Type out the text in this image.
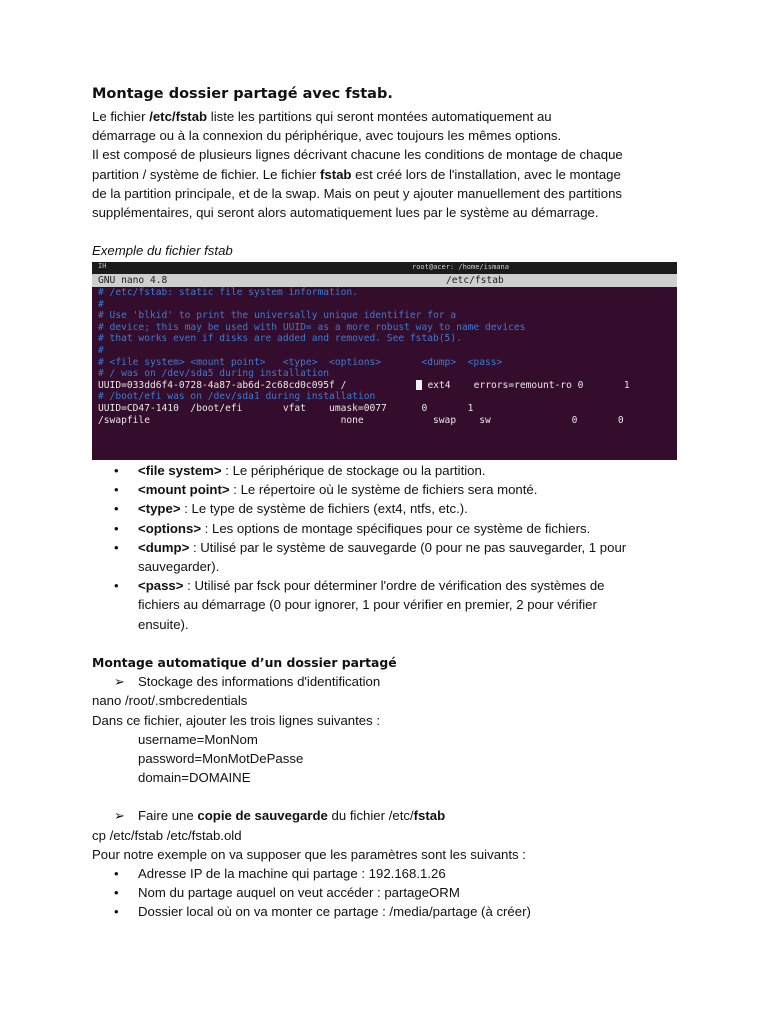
Montage dossier partagé avec fstab.
Le fichier /etc/fstab liste les partitions qui seront montées automatiquement au
démarrage ou à la connexion du périphérique, avec toujours les mêmes options.
Il est composé de plusieurs lignes décrivant chacune les conditions de montage de chaque
partition / système de fichier. Le fichier fstab est créé lors de l'installation, avec le montage
de la partition principale, et de la swap. Mais on peut y ajouter manuellement des partitions
supplémentaires, qui seront alors automatiquement lues par le système au démarrage.
Exemple du fichier fstab
IH	root@acer: /home/ismana
GNU nano 4.8	/etc/fstab
# /etc/fstab: static file system information.
#
# Use 'blkid' to print the universally unique identifier for a
# device; this may be used with UUID= as a more robust way to name devices
# that works even if disks are added and removed. See fstab(5).
#
# <file system> <mount point>   <type>  <options>       <dump>  <pass>
# / was on /dev/sda5 during installation
UUID=033dd6f4-0728-4a87-ab6d-2c68cd0c095f /	ext4    errors=remount-ro 0       1
# /boot/efi was on /dev/sda1 during installation
UUID=CD47-1410  /boot/efi       vfat    umask=0077      0       1
/swapfile                                 none            swap    sw              0       0
• <file system> : Le périphérique de stockage ou la partition.
• <mount point> : Le répertoire où le système de fichiers sera monté.
• <type> : Le type de système de fichiers (ext4, ntfs, etc.).
• <options> : Les options de montage spécifiques pour ce système de fichiers.
• <dump> : Utilisé par le système de sauvegarde (0 pour ne pas sauvegarder, 1 pour
sauvegarder).
• <pass> : Utilisé par fsck pour déterminer l'ordre de vérification des systèmes de
fichiers au démarrage (0 pour ignorer, 1 pour vérifier en premier, 2 pour vérifier
ensuite).
Montage automatique d’un dossier partagé
➢ Stockage des informations d'identification
nano /root/.smbcredentials
Dans ce fichier, ajouter les trois lignes suivantes :
username=MonNom
password=MonMotDePasse
domain=DOMAINE
➢ Faire une copie de sauvegarde du fichier /etc/fstab
cp /etc/fstab /etc/fstab.old
Pour notre exemple on va supposer que les paramètres sont les suivants :
• Adresse IP de la machine qui partage : 192.168.1.26
• Nom du partage auquel on veut accéder : partageORM
• Dossier local où on va monter ce partage : /media/partage (à créer)
